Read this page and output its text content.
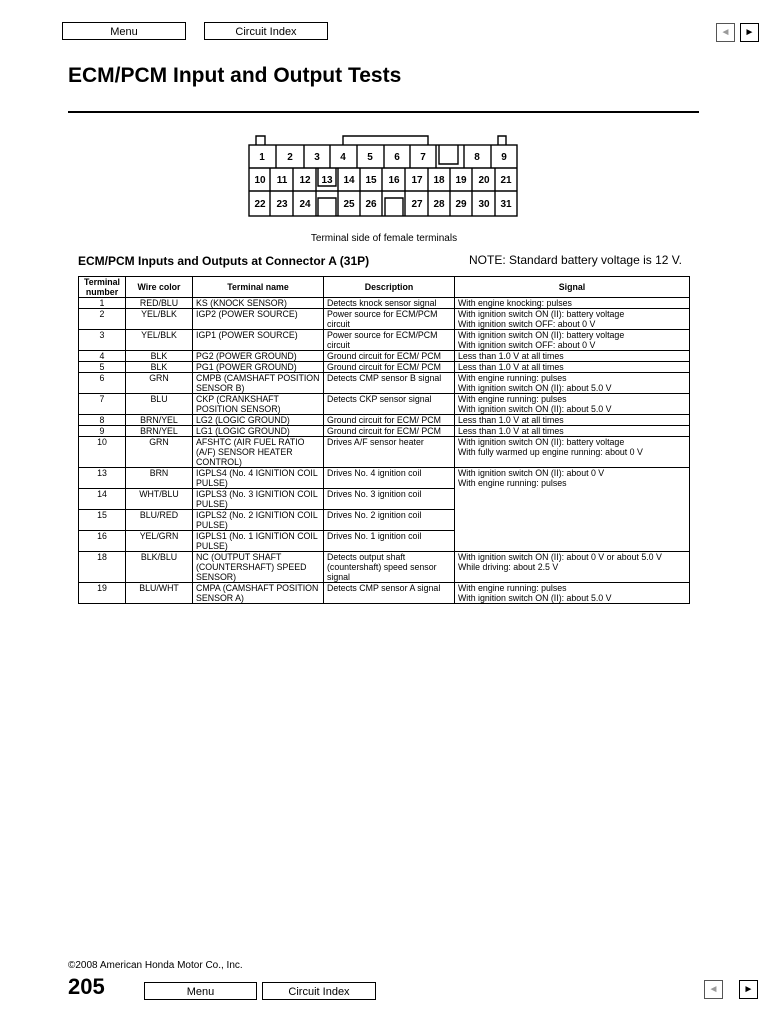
Menu	Circuit Index	◄	►
ECM/PCM Input and Output Tests
1 2 3 4 5 6 7	8 9
10 11 12 13 14 15 16 17 18 19 20 21
22 23 24	25 26	27 28 29 30 31
Terminal side of female terminals
ECM/PCM Inputs and Outputs at Connector A (31P)	NOTE: Standard battery voltage is 12 V.
Terminal number	Wire color	Terminal name	Description	Signal
1	RED/BLU	KS (KNOCK SENSOR)	Detects knock sensor signal	With engine knocking: pulses
2	YEL/BLK	IGP2 (POWER SOURCE)	Power source for ECM/PCM circuit	With ignition switch ON (II): battery voltage
With ignition switch OFF: about 0 V
3	YEL/BLK	IGP1 (POWER SOURCE)	Power source for ECM/PCM circuit	With ignition switch ON (II): battery voltage
With ignition switch OFF: about 0 V
4	BLK	PG2 (POWER GROUND)	Ground circuit for ECM/ PCM	Less than 1.0 V at all times
5	BLK	PG1 (POWER GROUND)	Ground circuit for ECM/ PCM	Less than 1.0 V at all times
6	GRN	CMPB (CAMSHAFT POSITION SENSOR B)	Detects CMP sensor B signal	With engine running: pulses
With ignition switch ON (II): about 5.0 V
7	BLU	CKP (CRANKSHAFT POSITION SENSOR)	Detects CKP sensor signal	With engine running: pulses
With ignition switch ON (II): about 5.0 V
8	BRN/YEL	LG2 (LOGIC GROUND)	Ground circuit for ECM/ PCM	Less than 1.0 V at all times
9	BRN/YEL	LG1 (LOGIC GROUND)	Ground circuit for ECM/ PCM	Less than 1.0 V at all times
10	GRN	AFSHTC (AIR FUEL RATIO (A/F) SENSOR HEATER CONTROL)	Drives A/F sensor heater	With ignition switch ON (II): battery voltage
With fully warmed up engine running: about 0 V
13	BRN	IGPLS4 (No. 4 IGNITION COIL PULSE)	Drives No. 4 ignition coil	With ignition switch ON (II): about 0 V
With engine running: pulses
14	WHT/BLU	IGPLS3 (No. 3 IGNITION COIL PULSE)	Drives No. 3 ignition coil	
15	BLU/RED	IGPLS2 (No. 2 IGNITION COIL PULSE)	Drives No. 2 ignition coil	
16	YEL/GRN	IGPLS1 (No. 1 IGNITION COIL PULSE)	Drives No. 1 ignition coil	
18	BLK/BLU	NC (OUTPUT SHAFT (COUNTERSHAFT) SPEED SENSOR)	Detects output shaft (countershaft) speed sensor signal	With ignition switch ON (II): about 0 V or about 5.0 V
While driving: about 2.5 V
19	BLU/WHT	CMPA (CAMSHAFT POSITION SENSOR A)	Detects CMP sensor A signal	With engine running: pulses
With ignition switch ON (II): about 5.0 V
©2008 American Honda Motor Co., Inc.
205	Menu	Circuit Index	◄	►
